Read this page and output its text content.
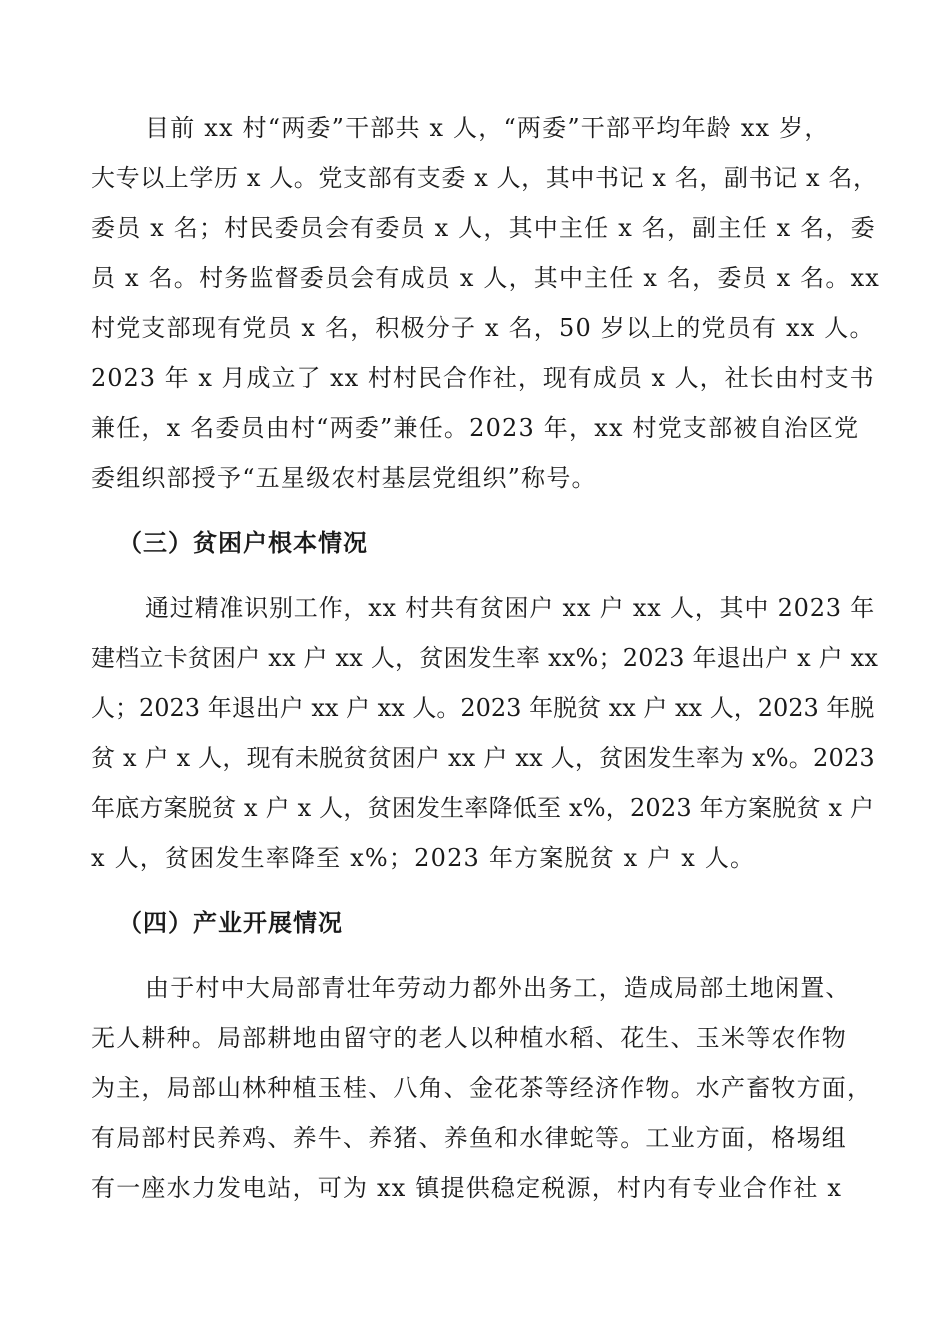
目前 xx 村“两委”干部共 x 人，“两委”干部平均年龄 xx 岁，
大专以上学历 x 人。党支部有支委 x 人，其中书记 x 名，副书记 x 名，
委员 x 名；村民委员会有委员 x 人，其中主任 x 名，副主任 x 名，委
员 x 名。村务监督委员会有成员 x 人，其中主任 x 名，委员 x 名。xx
村党支部现有党员 x 名，积极分子 x 名，50 岁以上的党员有 xx 人。
2023 年 x 月成立了 xx 村村民合作社，现有成员 x 人，社长由村支书
兼任，x 名委员由村“两委”兼任。2023 年，xx 村党支部被自治区党
委组织部授予“五星级农村基层党组织”称号。
（三）贫困户根本情况
通过精准识别工作，xx 村共有贫困户 xx 户 xx 人，其中 2023 年
建档立卡贫困户 xx 户 xx 人，贫困发生率 xx%；2023 年退出户 x 户 xx
人；2023 年退出户 xx 户 xx 人。2023 年脱贫 xx 户 xx 人，2023 年脱
贫 x 户 x 人，现有未脱贫贫困户 xx 户 xx 人，贫困发生率为 x%。2023
年底方案脱贫 x 户 x 人，贫困发生率降低至 x%，2023 年方案脱贫 x 户
x 人，贫困发生率降至 x%；2023 年方案脱贫 x 户 x 人。
（四）产业开展情况
由于村中大局部青壮年劳动力都外出务工，造成局部土地闲置、
无人耕种。局部耕地由留守的老人以种植水稻、花生、玉米等农作物
为主，局部山林种植玉桂、八角、金花茶等经济作物。水产畜牧方面，
有局部村民养鸡、养牛、养猪、养鱼和水律蛇等。工业方面，格埸组
有一座水力发电站，可为 xx 镇提供稳定税源，村内有专业合作社 x
